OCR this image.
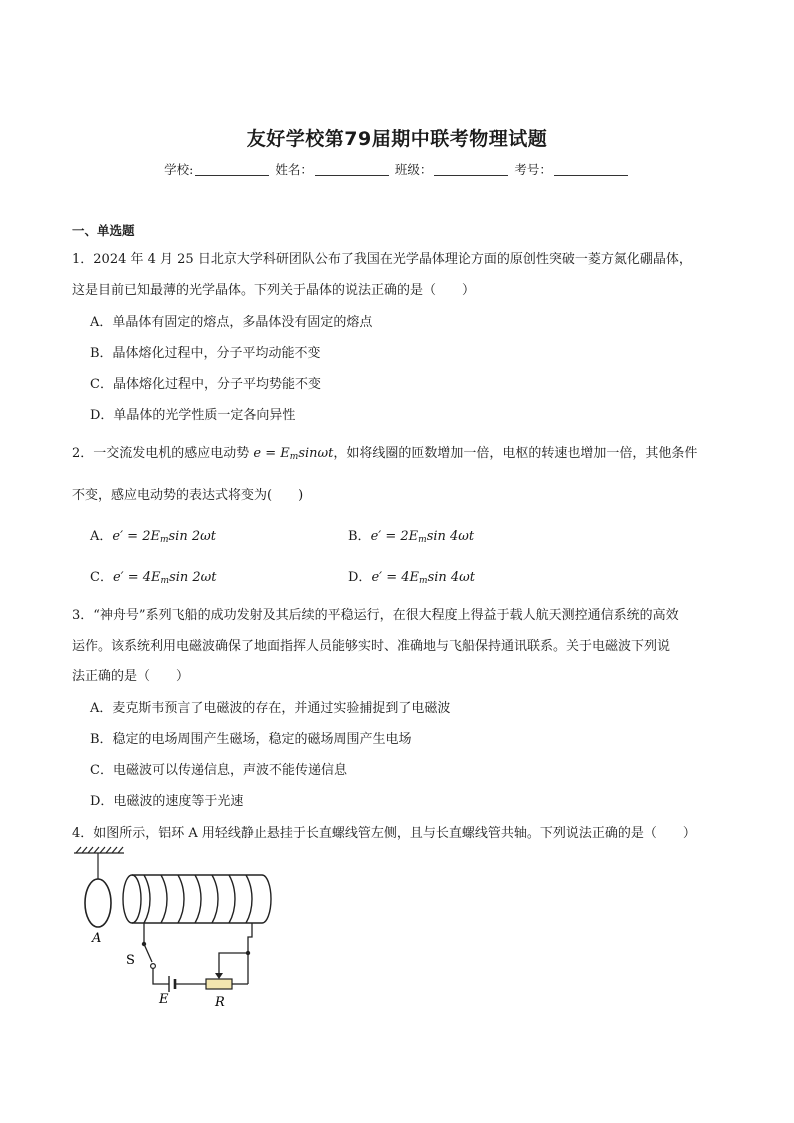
友好学校第79届期中联考物理试题
学校:	姓名：	班级：	考号：
一、单选题
1．2024 年 4 月 25 日北京大学科研团队公布了我国在光学晶体理论方面的原创性突破一菱方氮化硼晶体，
这是目前已知最薄的光学晶体。下列关于晶体的说法正确的是（　　）
A．单晶体有固定的熔点，多晶体没有固定的熔点
B．晶体熔化过程中，分子平均动能不变
C．晶体熔化过程中，分子平均势能不变
D．单晶体的光学性质一定各向异性
2．一交流发电机的感应电动势 $e = E_m\sin\omega t$，如将线圈的匝数增加一倍，电枢的转速也增加一倍，其他条件
不变，感应电动势的表达式将变为(　　)
A．$e' = 2E_m\sin$ 2ωt	B．$e' = 2E_m\sin$ 4ωt
C．$e' = 4E_m\sin$ 2ωt	D．$e' = 4E_m\sin$ 4ωt
3．“神舟号”系列飞船的成功发射及其后续的平稳运行，在很大程度上得益于载人航天测控通信系统的高效
运作。该系统利用电磁波确保了地面指挥人员能够实时、准确地与飞船保持通讯联系。关于电磁波下列说
法正确的是（　　）
A．麦克斯韦预言了电磁波的存在，并通过实验捕捉到了电磁波
B．稳定的电场周围产生磁场，稳定的磁场周围产生电场
C．电磁波可以传递信息，声波不能传递信息
D．电磁波的速度等于光速
4．如图所示，铝环 A 用轻线静止悬挂于长直螺线管左侧，且与长直螺线管共轴。下列说法正确的是（　　）
A
S
E	R
